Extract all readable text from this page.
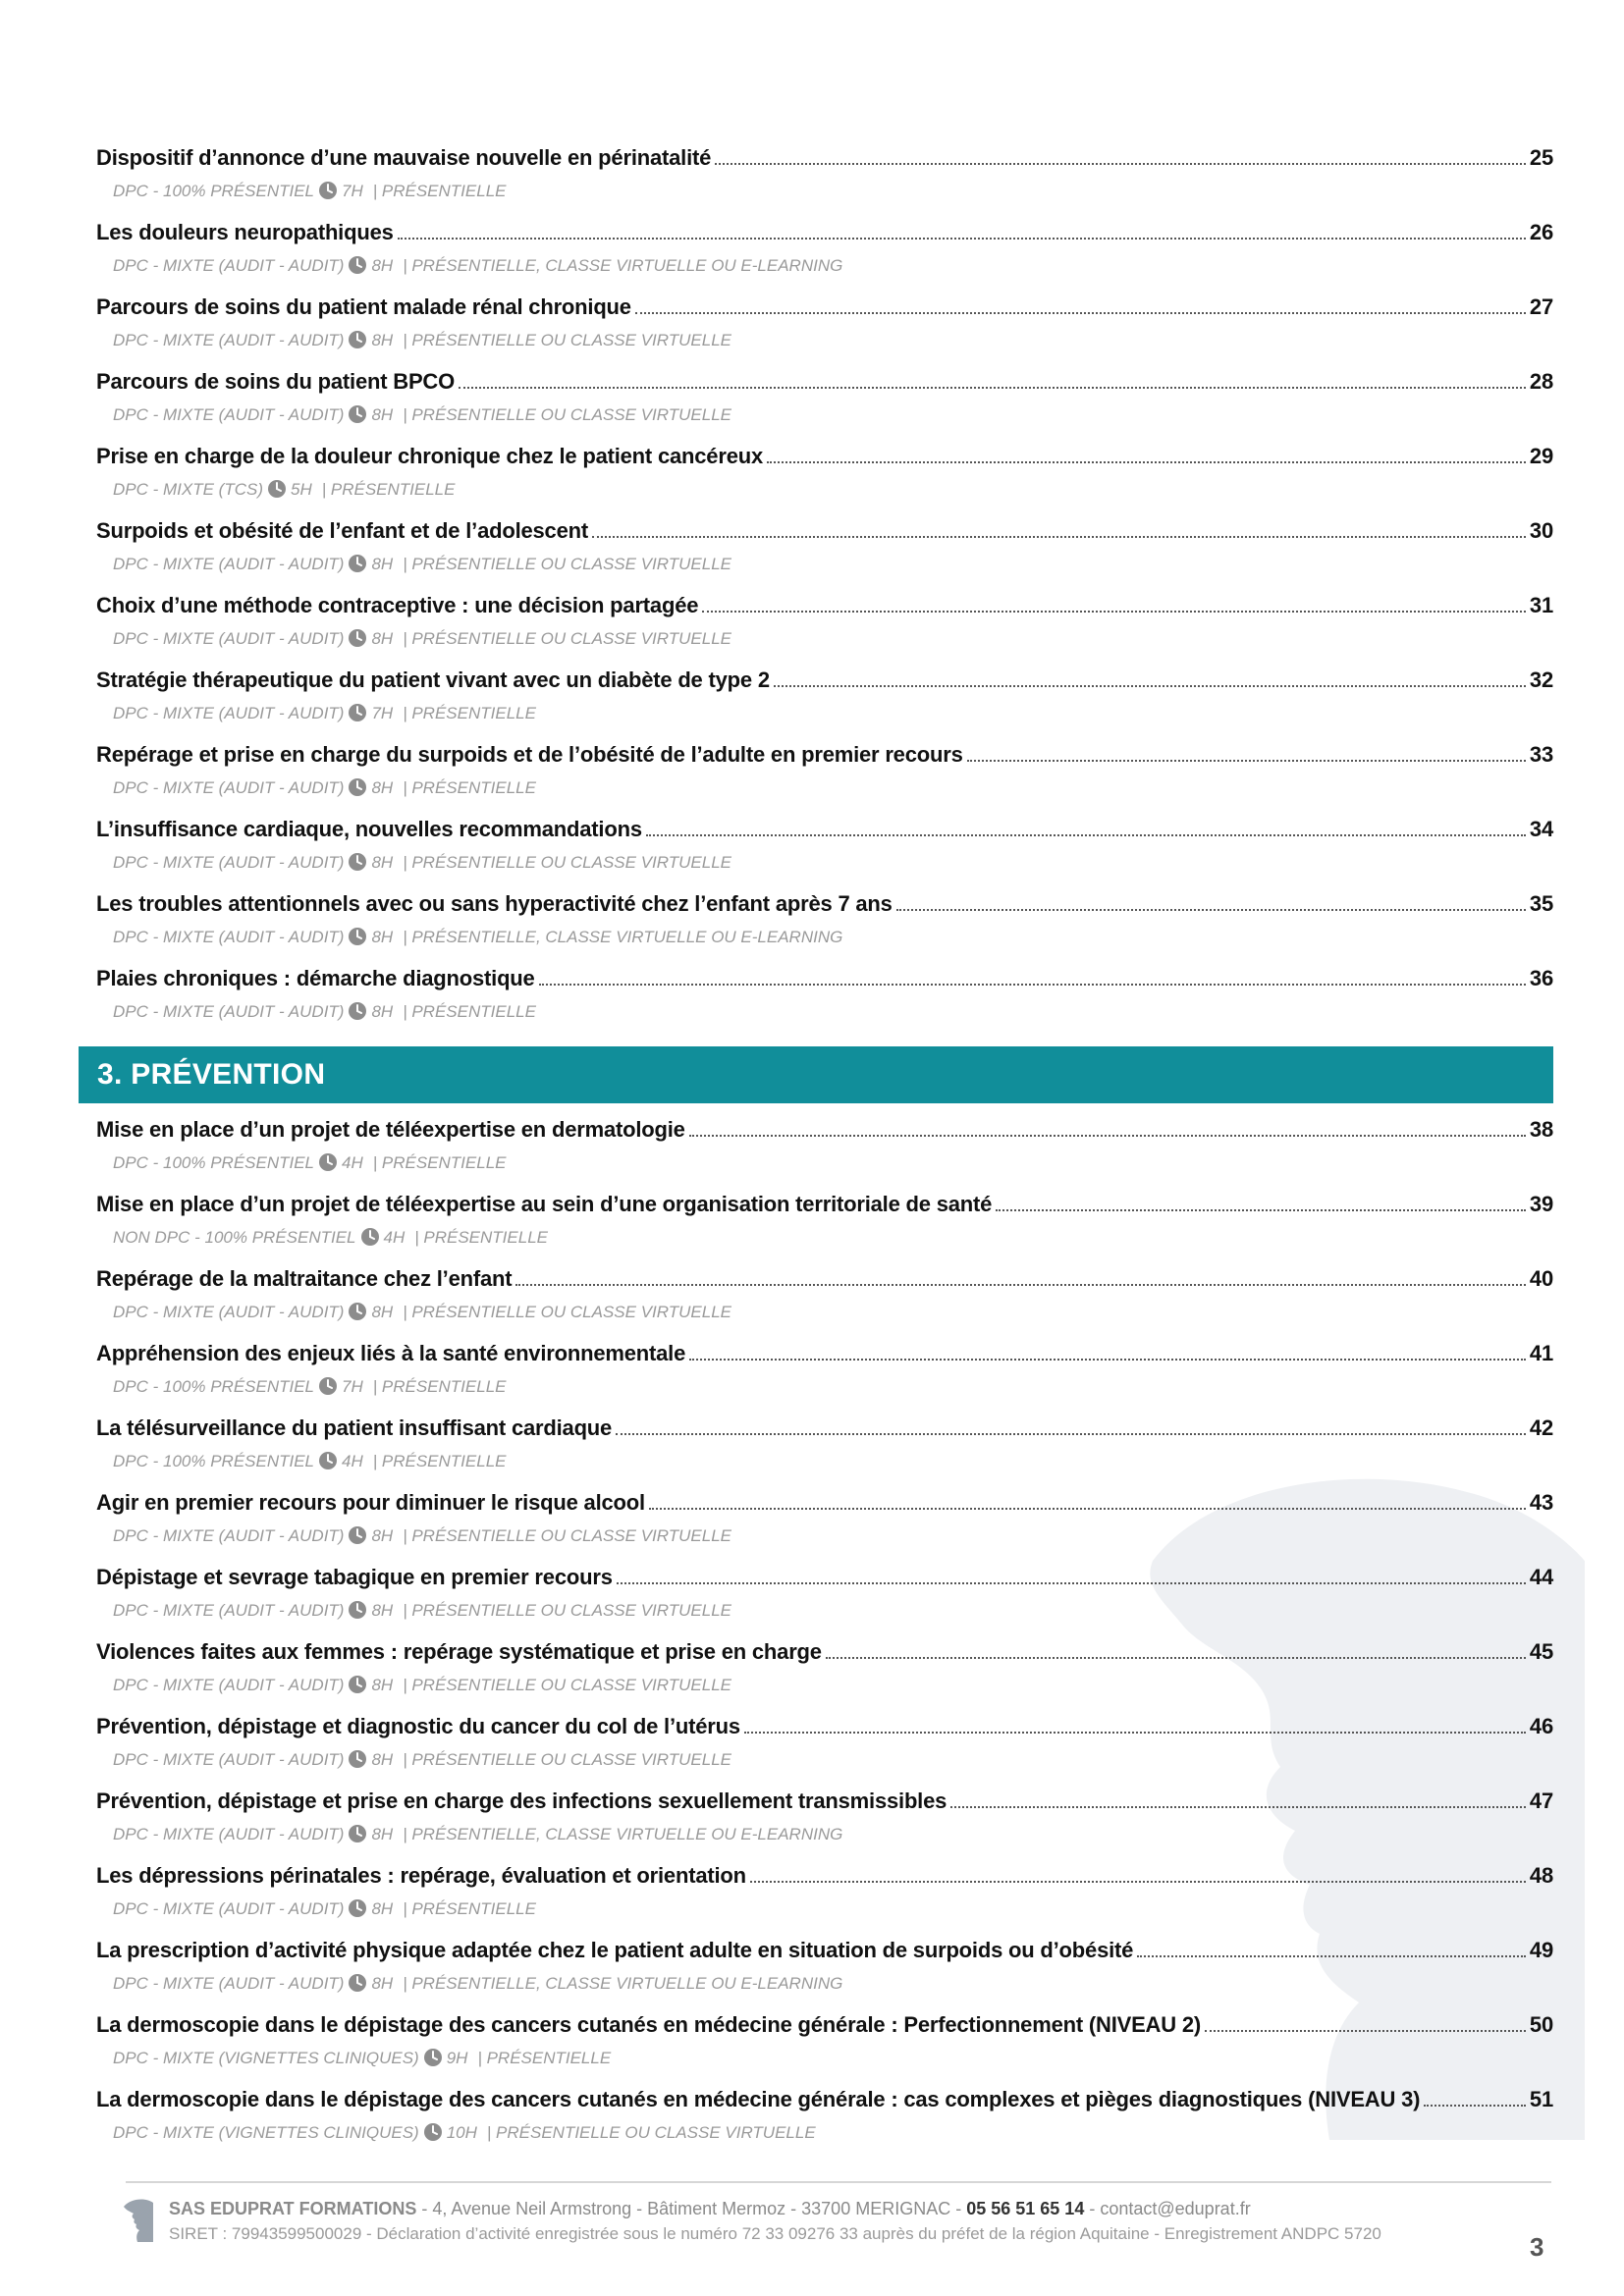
Dispositif d’annonce d’une mauvaise nouvelle en périnatalité	25
DPC - 100% PRÉSENTIEL 7H | PRÉSENTIELLE
Les douleurs neuropathiques	26
DPC - MIXTE (AUDIT - AUDIT) 8H | PRÉSENTIELLE, CLASSE VIRTUELLE OU E-LEARNING
Parcours de soins du patient malade rénal chronique	27
DPC - MIXTE (AUDIT - AUDIT) 8H | PRÉSENTIELLE OU CLASSE VIRTUELLE
Parcours de soins du patient BPCO	28
DPC - MIXTE (AUDIT - AUDIT) 8H | PRÉSENTIELLE OU CLASSE VIRTUELLE
Prise en charge de la douleur chronique chez le patient cancéreux	29
DPC - MIXTE (TCS) 5H | PRÉSENTIELLE
Surpoids et obésité de l’enfant et de l’adolescent	30
DPC - MIXTE (AUDIT - AUDIT) 8H | PRÉSENTIELLE OU CLASSE VIRTUELLE
Choix d’une méthode contraceptive : une décision partagée	31
DPC - MIXTE (AUDIT - AUDIT) 8H | PRÉSENTIELLE OU CLASSE VIRTUELLE
Stratégie thérapeutique du patient vivant avec un diabète de type 2	32
DPC - MIXTE (AUDIT - AUDIT) 7H | PRÉSENTIELLE
Repérage et prise en charge du surpoids et de l’obésité de l’adulte en premier recours	33
DPC - MIXTE (AUDIT - AUDIT) 8H | PRÉSENTIELLE
L’insuffisance cardiaque, nouvelles recommandations	34
DPC - MIXTE (AUDIT - AUDIT) 8H | PRÉSENTIELLE OU CLASSE VIRTUELLE
Les troubles attentionnels avec ou sans hyperactivité chez l’enfant après 7 ans	35
DPC - MIXTE (AUDIT - AUDIT) 8H | PRÉSENTIELLE, CLASSE VIRTUELLE OU E-LEARNING
Plaies chroniques : démarche diagnostique	36
DPC - MIXTE (AUDIT - AUDIT) 8H | PRÉSENTIELLE
3. PRÉVENTION
Mise en place d’un projet de téléexpertise en dermatologie	38
DPC - 100% PRÉSENTIEL 4H | PRÉSENTIELLE
Mise en place d’un projet de téléexpertise au sein d’une organisation territoriale de santé	39
NON DPC - 100% PRÉSENTIEL 4H | PRÉSENTIELLE
Repérage de la maltraitance chez l’enfant	40
DPC - MIXTE (AUDIT - AUDIT) 8H | PRÉSENTIELLE OU CLASSE VIRTUELLE
Appréhension des enjeux liés à la santé environnementale	41
DPC - 100% PRÉSENTIEL 7H | PRÉSENTIELLE
La télésurveillance du patient insuffisant cardiaque	42
DPC - 100% PRÉSENTIEL 4H | PRÉSENTIELLE
Agir en premier recours pour diminuer le risque alcool	43
DPC - MIXTE (AUDIT - AUDIT) 8H | PRÉSENTIELLE OU CLASSE VIRTUELLE
Dépistage et sevrage tabagique en premier recours	44
DPC - MIXTE (AUDIT - AUDIT) 8H | PRÉSENTIELLE OU CLASSE VIRTUELLE
Violences faites aux femmes : repérage systématique et prise en charge	45
DPC - MIXTE (AUDIT - AUDIT) 8H | PRÉSENTIELLE OU CLASSE VIRTUELLE
Prévention, dépistage et diagnostic du cancer du col de l’utérus	46
DPC - MIXTE (AUDIT - AUDIT) 8H | PRÉSENTIELLE OU CLASSE VIRTUELLE
Prévention, dépistage et prise en charge des infections sexuellement transmissibles	47
DPC - MIXTE (AUDIT - AUDIT) 8H | PRÉSENTIELLE, CLASSE VIRTUELLE OU E-LEARNING
Les dépressions périnatales : repérage, évaluation et orientation	48
DPC - MIXTE (AUDIT - AUDIT) 8H | PRÉSENTIELLE
La prescription d’activité physique adaptée chez le patient adulte en situation de surpoids ou d’obésité	49
DPC - MIXTE (AUDIT - AUDIT) 8H | PRÉSENTIELLE, CLASSE VIRTUELLE OU E-LEARNING
La dermoscopie dans le dépistage des cancers cutanés en médecine générale : Perfectionnement (NIVEAU 2)	50
DPC - MIXTE (VIGNETTES CLINIQUES) 9H | PRÉSENTIELLE
La dermoscopie dans le dépistage des cancers cutanés en médecine générale : cas complexes et pièges diagnostiques (NIVEAU 3)	51
DPC - MIXTE (VIGNETTES CLINIQUES) 10H | PRÉSENTIELLE OU CLASSE VIRTUELLE
SAS EDUPRAT FORMATIONS - 4, Avenue Neil Armstrong - Bâtiment Mermoz - 33700 MERIGNAC - 05 56 51 65 14 - contact@eduprat.fr
SIRET : 79943599500029 - Déclaration d’activité enregistrée sous le numéro 72 33 09276 33 auprès du préfet de la région Aquitaine - Enregistrement ANDPC 5720	3
